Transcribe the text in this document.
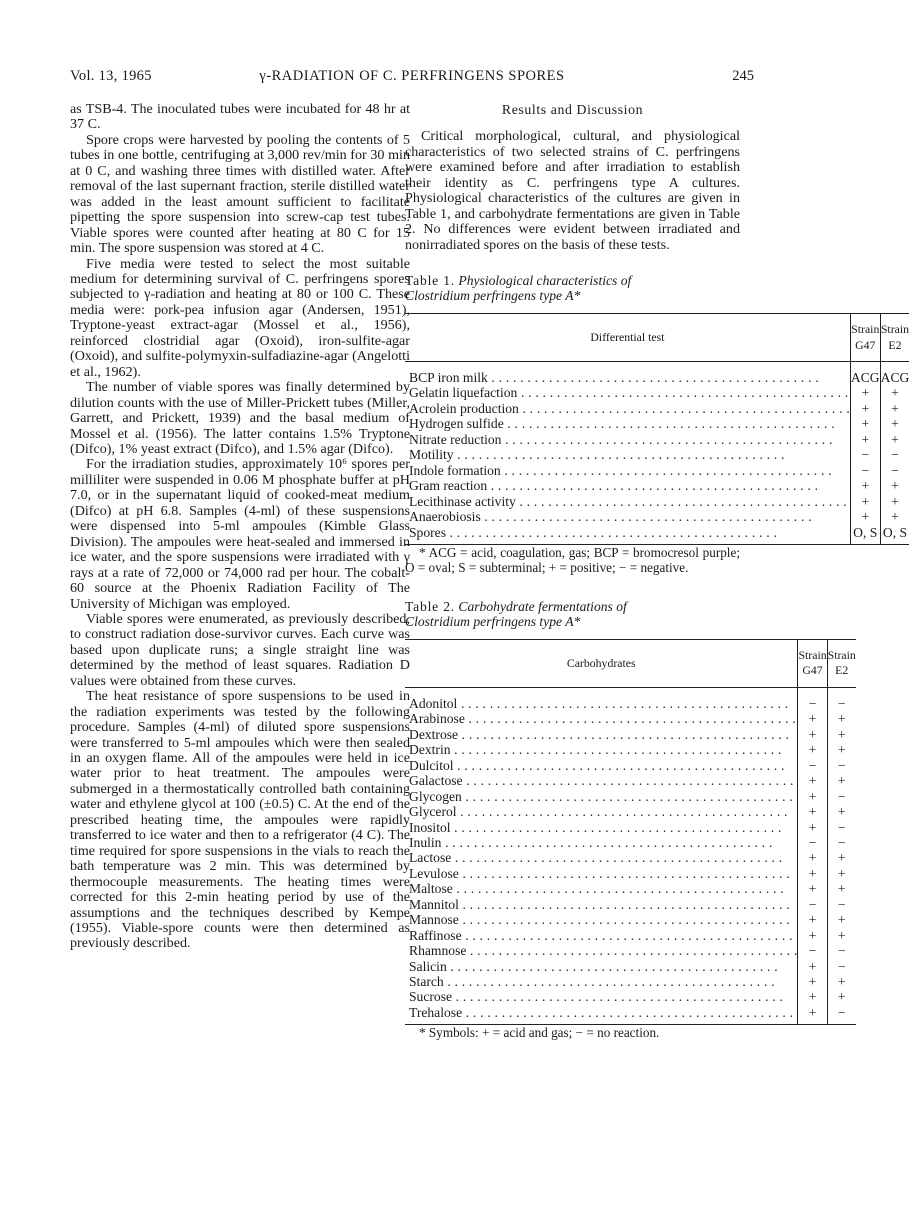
Vol. 13, 1965	γ-RADIATION OF C. PERFRINGENS SPORES	245

as TSB-4. The inoculated tubes were incubated for 48 hr at 37 C.

Spore crops were harvested by pooling the contents of 5 tubes in one bottle, centrifuging at 3,000 rev/min for 30 min at 0 C, and washing three times with distilled water. After removal of the last supernant fraction, sterile distilled water was added in the least amount sufficient to facilitate pipetting the spore suspension into screw-cap test tubes. Viable spores were counted after heating at 80 C for 15 min. The spore suspension was stored at 4 C.

Five media were tested to select the most suitable medium for determining survival of C. perfringens spores subjected to γ-radiation and heating at 80 or 100 C. These media were: pork-pea infusion agar (Andersen, 1951), Tryptone-yeast extract-agar (Mossel et al., 1956), reinforced clostridial agar (Oxoid), iron-sulfite-agar (Oxoid), and sulfite-polymyxin-sulfadiazine-agar (Angelotti et al., 1962).

The number of viable spores was finally determined by dilution counts with the use of Miller-Prickett tubes (Miller, Garrett, and Prickett, 1939) and the basal medium of Mossel et al. (1956). The latter contains 1.5% Tryptone (Difco), 1% yeast extract (Difco), and 1.5% agar (Difco).

For the irradiation studies, approximately 10⁶ spores per milliliter were suspended in 0.06 M phosphate buffer at pH 7.0, or in the supernatant liquid of cooked-meat medium (Difco) at pH 6.8. Samples (4-ml) of these suspensions were dispensed into 5-ml ampoules (Kimble Glass Division). The ampoules were heat-sealed and immersed in ice water, and the spore suspensions were irradiated with γ rays at a rate of 72,000 or 74,000 rad per hour. The cobalt-60 source at the Phoenix Radiation Facility of The University of Michigan was employed.

Viable spores were enumerated, as previously described, to construct radiation dose-survivor curves. Each curve was based upon duplicate runs; a single straight line was determined by the method of least squares. Radiation D values were obtained from these curves.

The heat resistance of spore suspensions to be used in the radiation experiments was tested by the following procedure. Samples (4-ml) of diluted spore suspensions were transferred to 5-ml ampoules which were then sealed in an oxygen flame. All of the ampoules were held in ice water prior to heat treatment. The ampoules were submerged in a thermostatically controlled bath containing water and ethylene glycol at 100 (±0.5) C. At the end of the prescribed heating time, the ampoules were rapidly transferred to ice water and then to a refrigerator (4 C). The time required for spore suspensions in the vials to reach the bath temperature was 2 min. This was determined by thermocouple measurements. The heating times were corrected for this 2-min heating period by use of the assumptions and the techniques described by Kempe (1955). Viable-spore counts were then determined as previously described.

Results and Discussion

Critical morphological, cultural, and physiological characteristics of two selected strains of C. perfringens were examined before and after irradiation to establish their identity as C. perfringens type A cultures. Physiological characteristics of the cultures are given in Table 1, and carbohydrate fermentations are given in Table 2. No differences were evident between irradiated and nonirradiated spores on the basis of these tests.

Table 1. Physiological characteristics of
Clostridium perfringens type A*

Differential test	Strain G47	Strain E2

BCP iron milk . . .	ACG	ACG

Gelatin liquefaction . . .	+	+

Acrolein production . . .	+	+

Hydrogen sulfide . . .	+	+

Nitrate reduction . . .	+	+

Motility . . .	−	−

Indole formation . . .	−	−

Gram reaction . . .	+	+

Lecithinase activity . . .	+	+

Anaerobiosis . . .	+	+

Spores . . .	O, S	O, S

* ACG = acid, coagulation, gas; BCP = bromocresol purple; O = oval; S = subterminal; + = positive; − = negative.

Table 2. Carbohydrate fermentations of
Clostridium perfringens type A*

Carbohydrates	Strain G47	Strain E2

Adonitol . . .	−	−

Arabinose . . .	+	+

Dextrose . . .	+	+

Dextrin . . .	+	+

Dulcitol . . .	−	−

Galactose . . .	+	+

Glycogen . . .	+	−

Glycerol . . .	+	+

Inositol . . .	+	−

Inulin . . .	−	−

Lactose . . .	+	+

Levulose . . .	+	+

Maltose . . .	+	+

Mannitol . . .	−	−

Mannose . . .	+	+

Raffinose . . .	+	+

Rhamnose . . .	−	−

Salicin . . .	+	−

Starch . . .	+	+

Sucrose . . .	+	+

Trehalose . . .	+	−

* Symbols: + = acid and gas; − = no reaction.
